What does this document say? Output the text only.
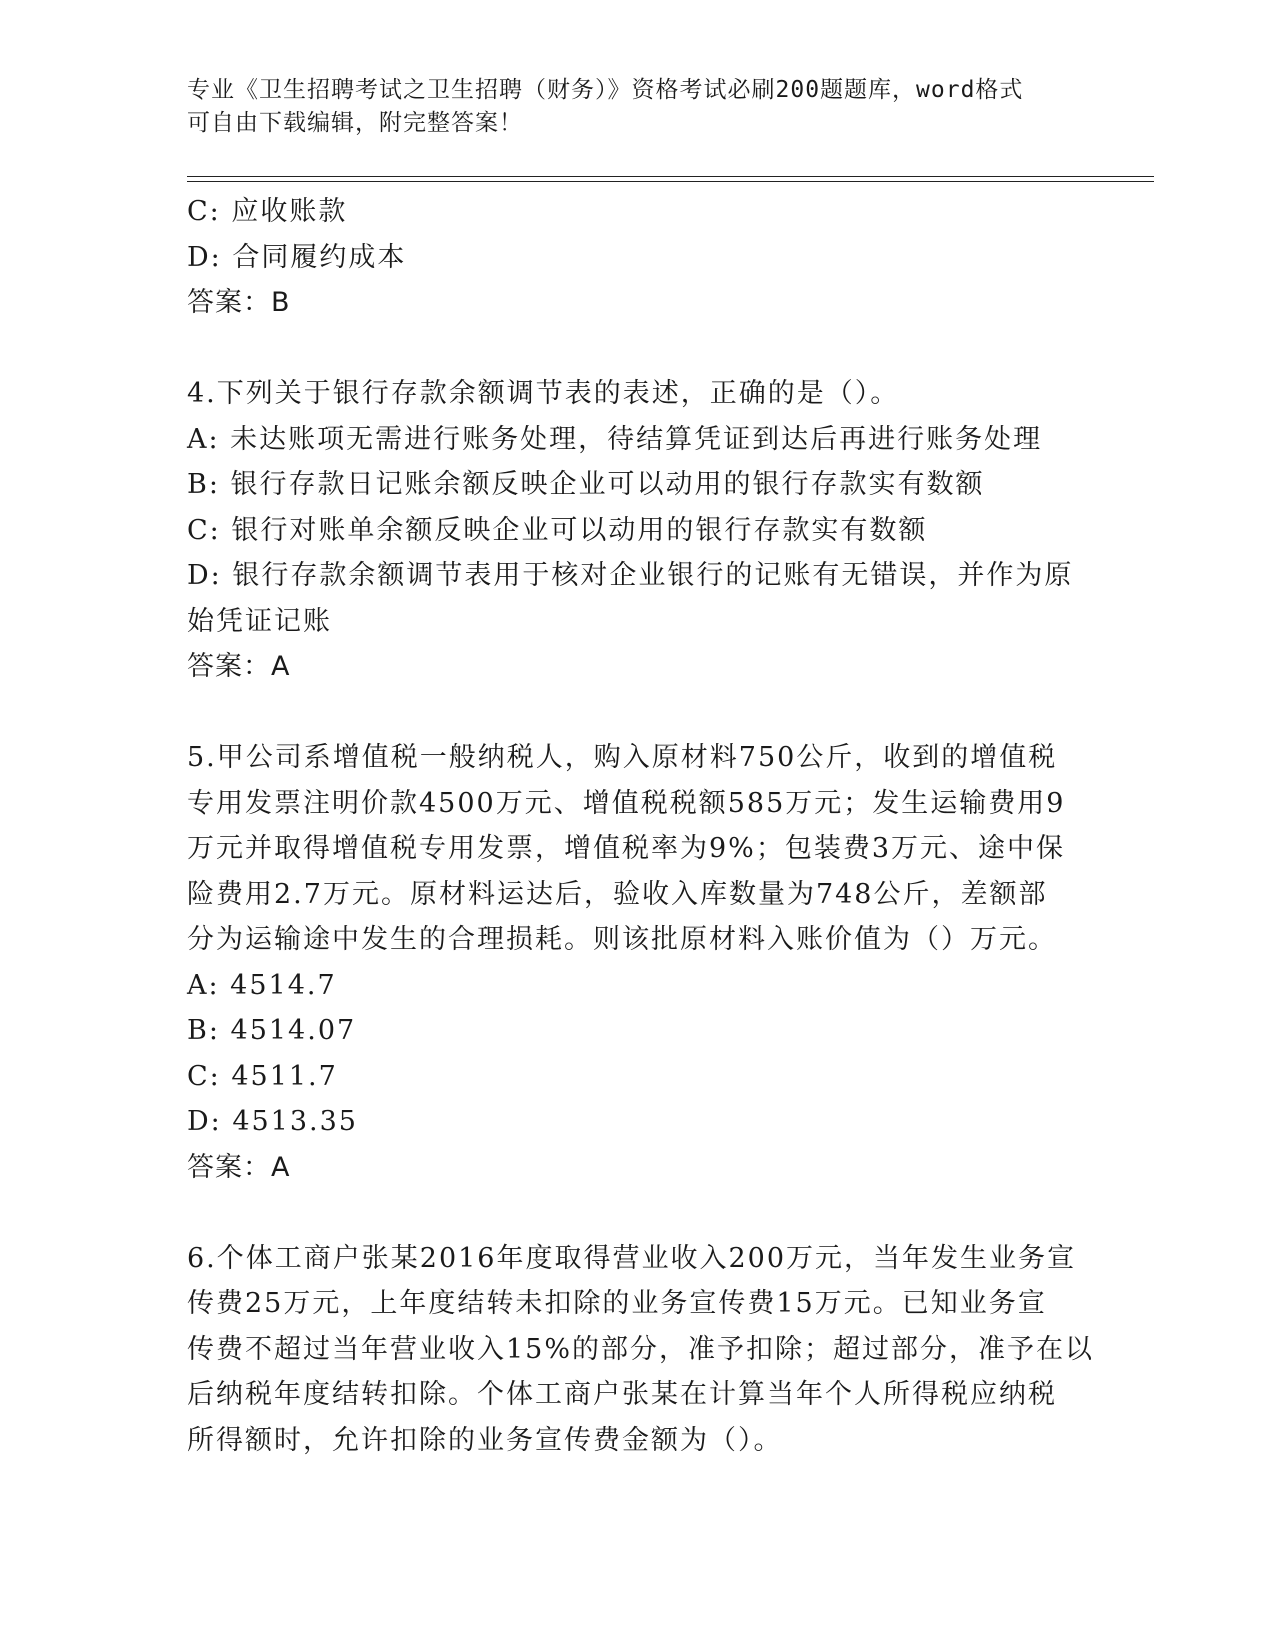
专业《卫生招聘考试之卫生招聘（财务）》资格考试必刷200题题库，word格式
可自由下载编辑，附完整答案！
C: 应收账款
D: 合同履约成本
答案：B
4.下列关于银行存款余额调节表的表述，正确的是（）。
A: 未达账项无需进行账务处理，待结算凭证到达后再进行账务处理
B: 银行存款日记账余额反映企业可以动用的银行存款实有数额
C: 银行对账单余额反映企业可以动用的银行存款实有数额
D: 银行存款余额调节表用于核对企业银行的记账有无错误，并作为原
始凭证记账
答案：A
5.甲公司系增值税一般纳税人，购入原材料750公斤，收到的增值税
专用发票注明价款4500万元、增值税税额585万元；发生运输费用9
万元并取得增值税专用发票，增值税率为9%；包装费3万元、途中保
险费用2.7万元。原材料运达后，验收入库数量为748公斤，差额部
分为运输途中发生的合理损耗。则该批原材料入账价值为（）万元。
A: 4514.7
B: 4514.07
C: 4511.7
D: 4513.35
答案：A
6.个体工商户张某2016年度取得营业收入200万元，当年发生业务宣
传费25万元，上年度结转未扣除的业务宣传费15万元。已知业务宣
传费不超过当年营业收入15%的部分，准予扣除；超过部分，准予在以
后纳税年度结转扣除。个体工商户张某在计算当年个人所得税应纳税
所得额时，允许扣除的业务宣传费金额为（）。
